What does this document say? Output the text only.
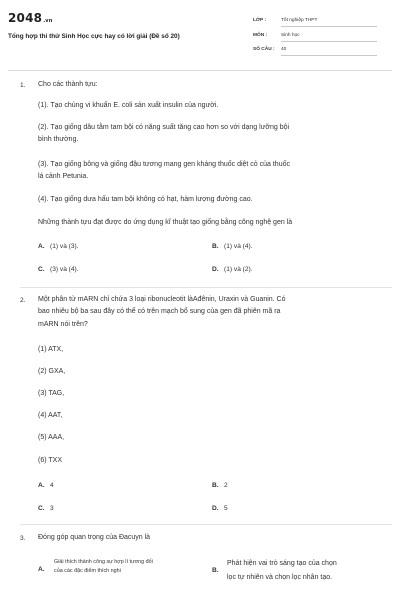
2048.vn
Tổng hợp thi thử Sinh Học cực hay có lời giải (Đề số 20)
LỚP :	Tốt nghiệp THPT
MÔN :	Sinh học
SỐ CÂU : 40
1. Cho các thành tựu:
(1). Tạo chủng vi khuẩn E. coli sản xuất insulin của người.
(2). Tạo giống dâu tằm tam bội có năng suất tăng cao hơn so với dạng lưỡng bội
bình thường.
(3). Tạo giống bông và giống đậu tương mang gen kháng thuốc diệt cỏ của thuốc
lá cảnh Petunia.
(4). Tạo giống dưa hấu tam bội không có hạt, hàm lượng đường cao.
Những thành tựu đạt được do ứng dụng kĩ thuật tạo giống bằng công nghệ gen là
A. (1) và (3).	B. (1) và (4).
C. (3) và (4).	D. (1) và (2).
2. Một phân tử mARN chỉ chứa 3 loại ribonucleotit làAđênin, Uraxin và Guanin. Có
bao nhiêu bộ ba sau đây có thể có trên mạch bổ sung của gen đã phiên mã ra
mARN nói trên?
(1) ATX,
(2) GXA,
(3) TAG,
(4) AAT,
(5) AAA,
(6) TXX
A. 4	B. 2
C. 3	D. 5
3. Đóng góp quan trọng của Đacuyn là
A.
Giải thích thành công sự hợp lí tương đối
của các đặc điểm thích nghi	B.
Phát hiện vai trò sáng tạo của chọn
lọc tự nhiên và chọn lọc nhân tạo.
